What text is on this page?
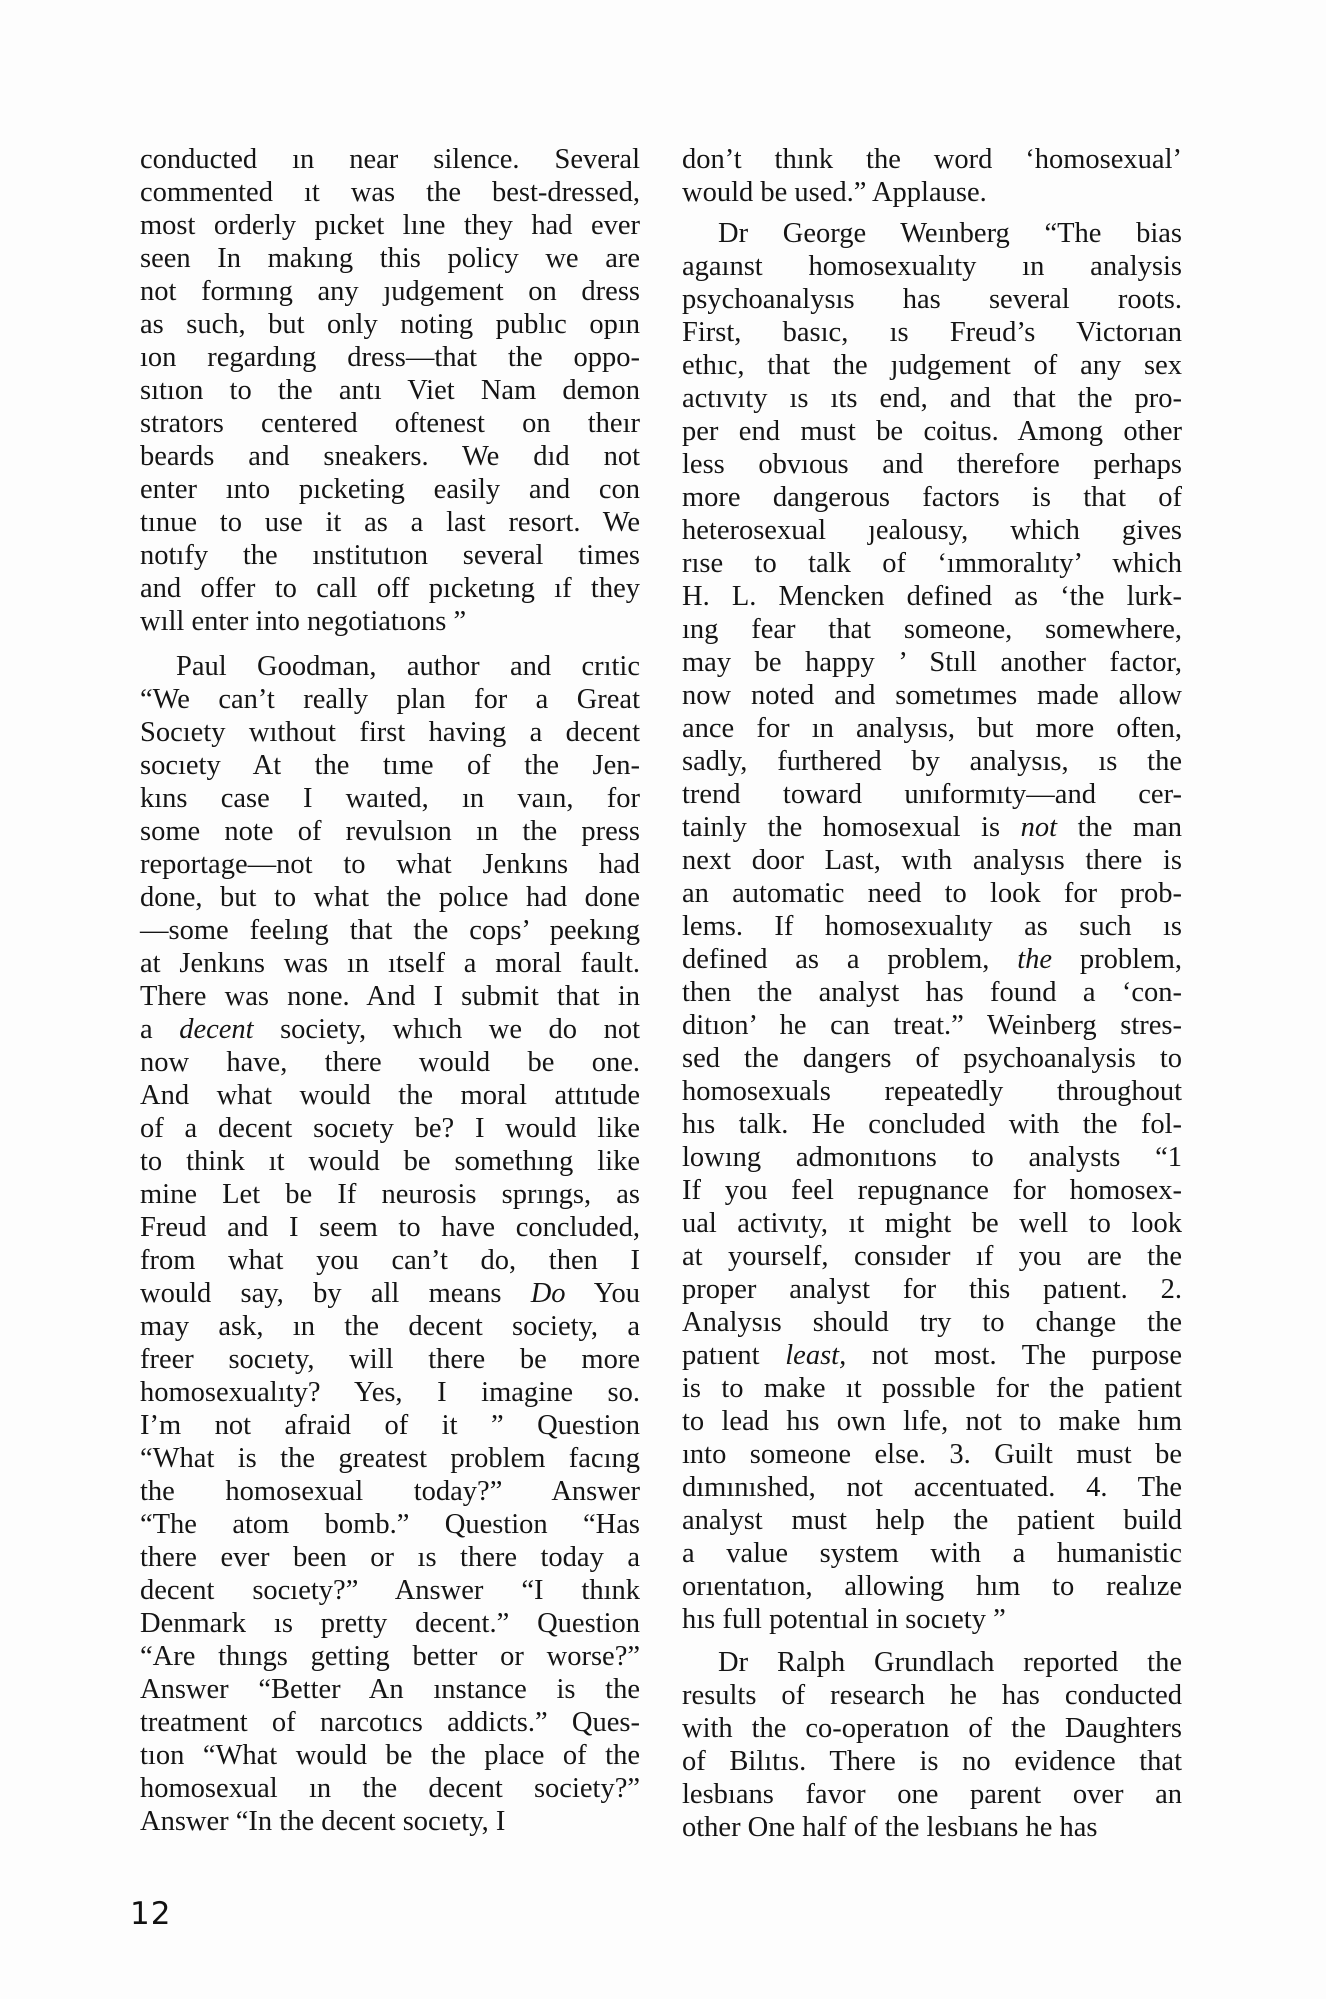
conducted ın near silence. Several
commented ıt was the best-dressed,
most orderly pıcket lıne they had ever
seen In makıng this policy we are
not formıng any ȷudgement on dress
as such, but only noting publıc opın
ıon regardıng dress—that the oppo-
sıtıon to the antı Viet Nam demon
strators centered oftenest on theır
beards and sneakers. We dıd not
enter ınto pıcketing easily and con
tınue to use it as a last resort. We
notıfy the ınstitutıon several times
and offer to call off pıcketıng ıf they
wıll enter into negotiatıons ”
Paul Goodman, author and crıtic
“We can’t really plan for a Great
Socıety wıthout first having a decent
socıety At the tıme of the Jen-
kıns case I waıted, ın vaın, for
some note of revulsıon ın the press
reportage—not to what Jenkıns had
done, but to what the polıce had done
—some feelıng that the cops’ peekıng
at Jenkıns was ın ıtself a moral fault.
There was none. And I submit that in
a decent society, whıch we do not
now have, there would be one.
And what would the moral attıtude
of a decent socıety be? I would like
to think ıt would be somethıng like
mine Let be If neurosis sprıngs, as
Freud and I seem to have concluded,
from what you can’t do, then I
would say, by all means Do You
may ask, ın the decent society, a
freer socıety, will there be more
homosexualıty? Yes, I imagine so.
I’m not afraid of it ” Question
“What is the greatest problem facıng
the homosexual today?” Answer
“The atom bomb.” Question “Has
there ever been or ıs there today a
decent socıety?” Answer “I thınk
Denmark ıs pretty decent.” Question
“Are thıngs getting better or worse?”
Answer “Better An ınstance is the
treatment of narcotıcs addicts.” Ques-
tıon “What would be the place of the
homosexual ın the decent society?”
Answer “In the decent socıety, I
don’t thınk the word ‘homosexual’
would be used.” Applause.
Dr George Weınberg “The bias
agaınst homosexualıty ın analysis
psychoanalysıs has several roots.
First, basıc, ıs Freud’s Victorıan
ethıc, that the ȷudgement of any sex
actıvıty ıs ıts end, and that the pro-
per end must be coitus. Among other
less obvıous and therefore perhaps
more dangerous factors is that of
heterosexual ȷealousy, which gives
rıse to talk of ‘ımmoralıty’ which
H. L. Mencken defined as ‘the lurk-
ıng fear that someone, somewhere,
may be happy ’ Stıll another factor,
now noted and sometımes made allow
ance for ın analysıs, but more often,
sadly, furthered by analysıs, ıs the
trend toward unıformıty—and cer-
tainly the homosexual is not the man
next door Last, wıth analysıs there is
an automatic need to look for prob-
lems. If homosexualıty as such ıs
defined as a problem, the problem,
then the analyst has found a ‘con-
ditıon’ he can treat.” Weinberg stres-
sed the dangers of psychoanalysis to
homosexuals repeatedly throughout
hıs talk. He concluded with the fol-
lowıng admonıtıons to analysts “1
If you feel repugnance for homosex-
ual activıty, ıt might be well to look
at yourself, consıder ıf you are the
proper analyst for this patıent. 2.
Analysıs should try to change the
patıent least, not most. The purpose
is to make ıt possıble for the patient
to lead hıs own lıfe, not to make hım
ınto someone else. 3. Guilt must be
dımınıshed, not accentuated. 4. The
analyst must help the patient build
a value system with a humanistic
orıentatıon, allowing hım to realıze
hıs full potentıal in socıety ”
Dr Ralph Grundlach reported the
results of research he has conducted
with the co-operatıon of the Daughters
of Bilıtıs. There is no evidence that
lesbıans favor one parent over an
other One half of the lesbıans he has
12
